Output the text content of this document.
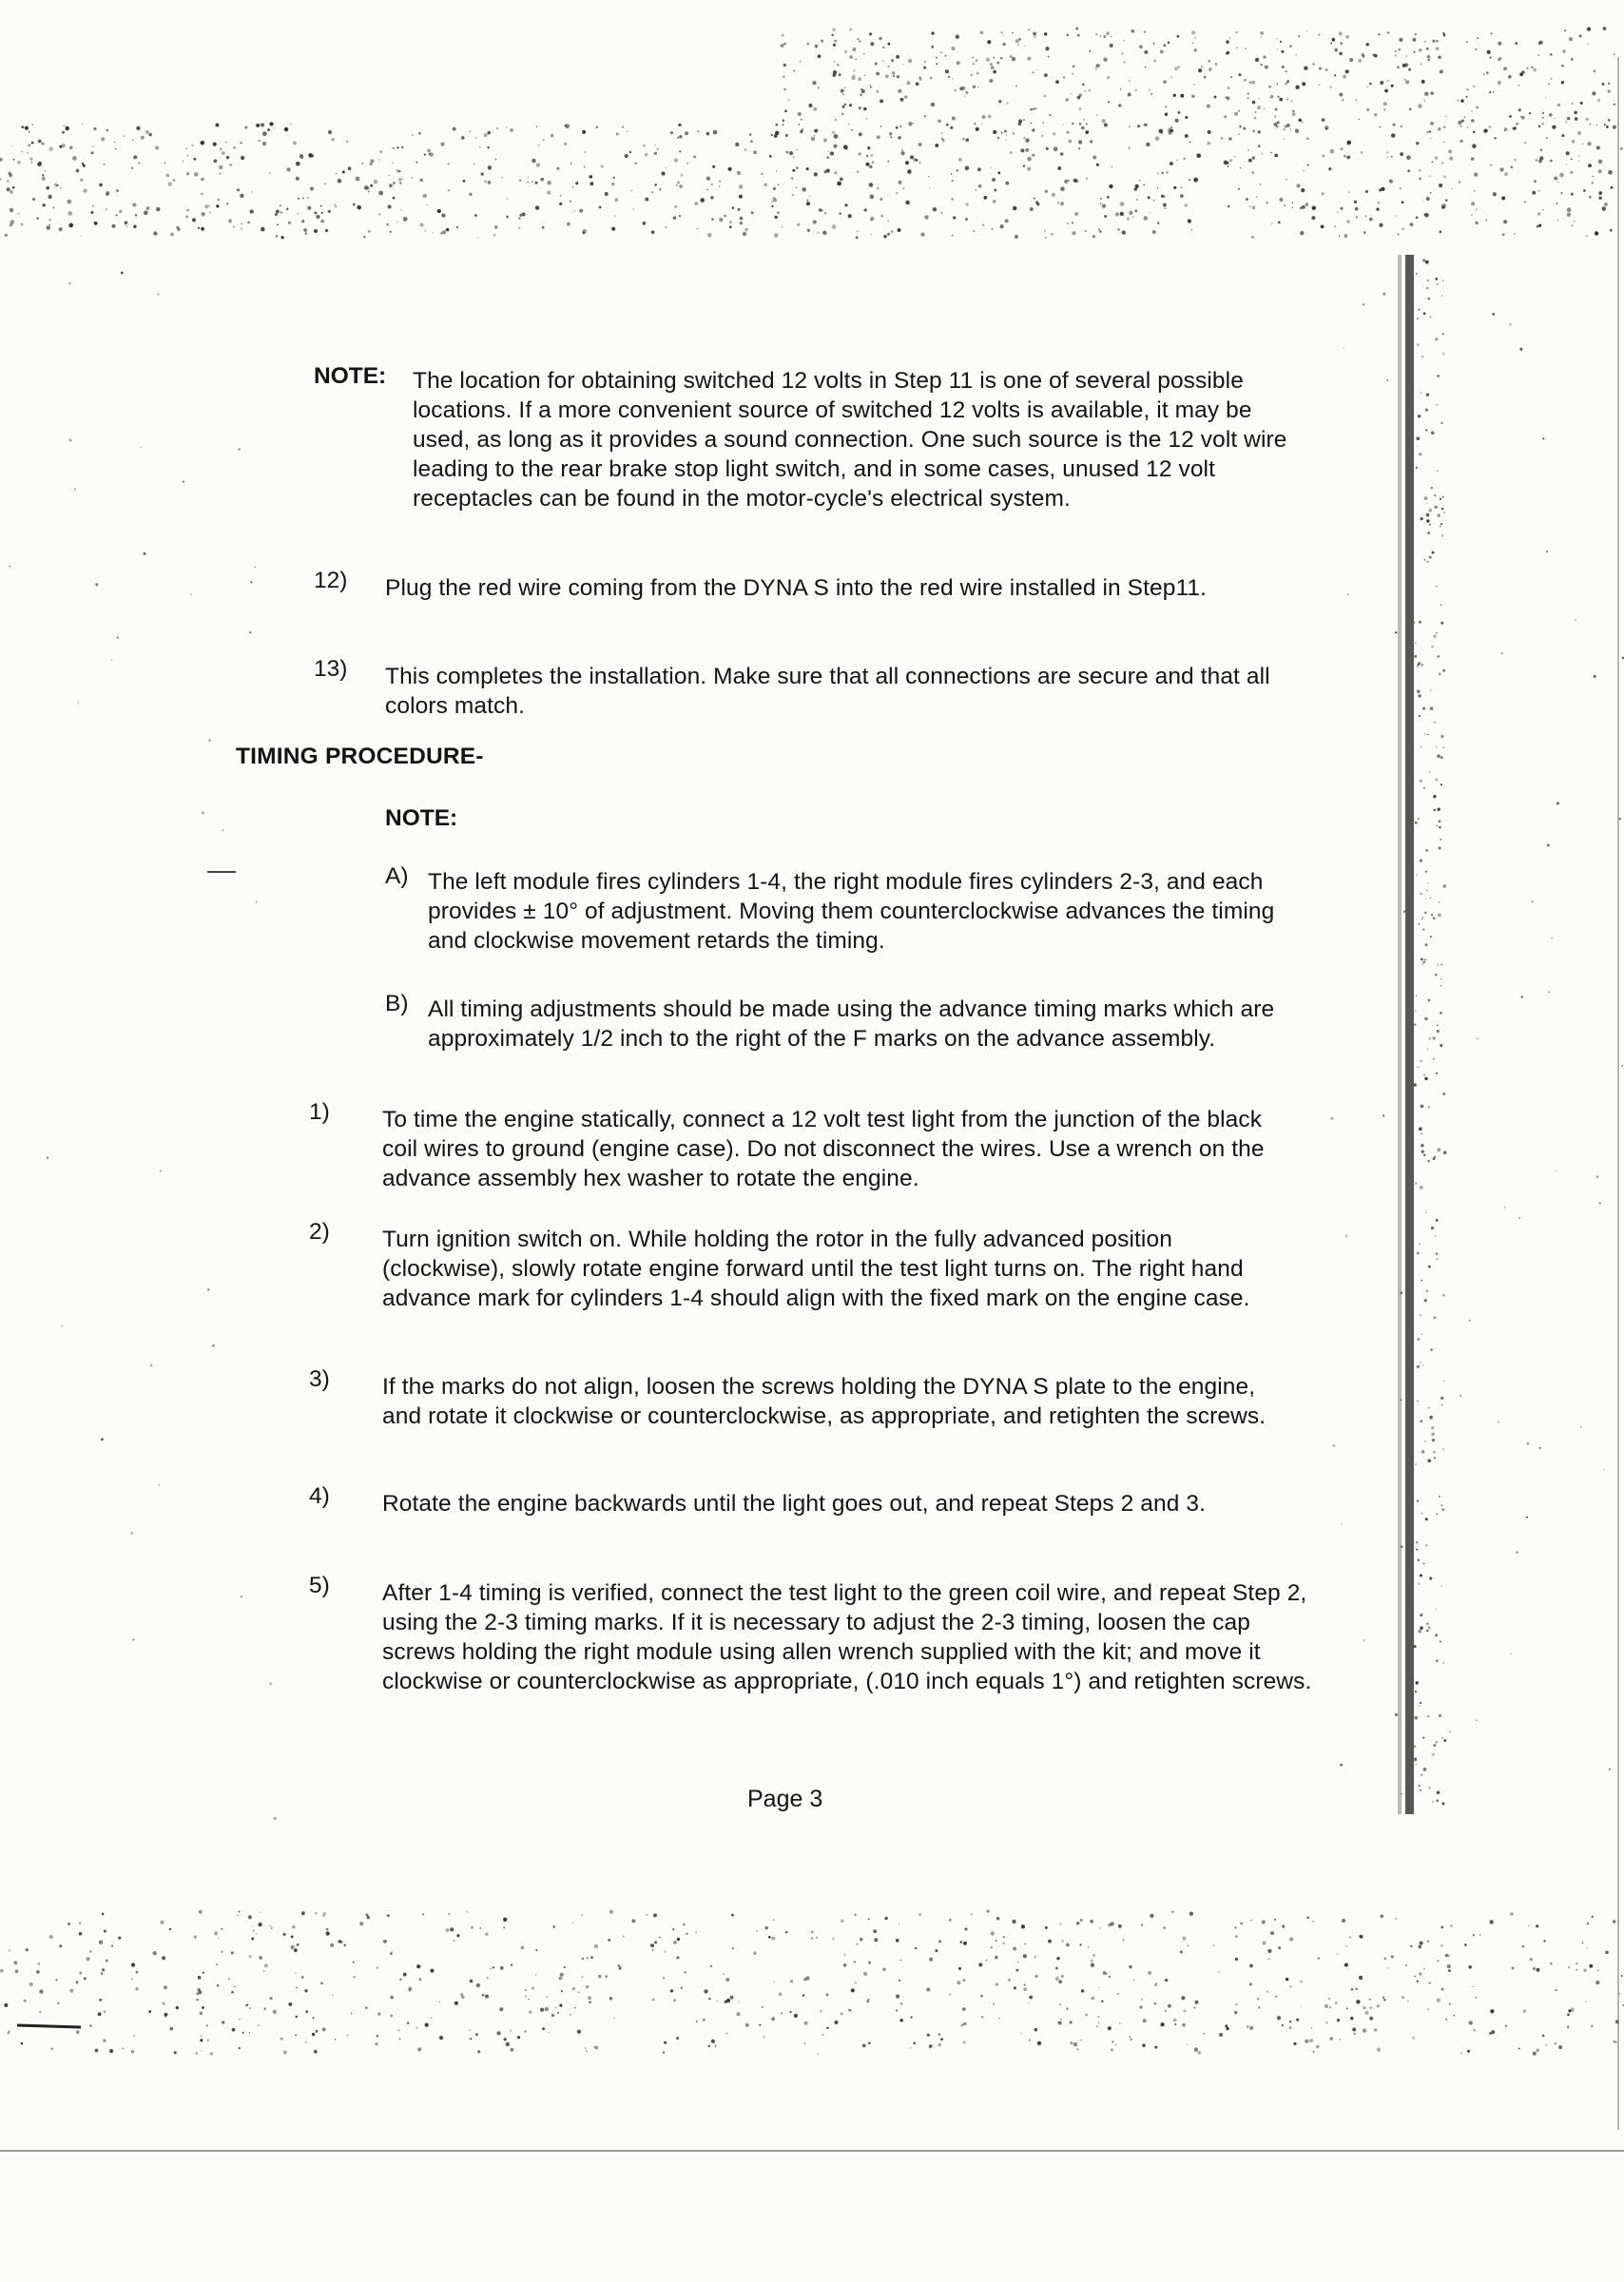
NOTE: The location for obtaining switched 12 volts in Step 11 is one of several possible locations. If a more convenient source of switched 12 volts is available, it may be used, as long as it provides a sound connection. One such source is the 12 volt wire leading to the rear brake stop light switch, and in some cases, unused 12 volt receptacles can be found in the motor-cycle's electrical system.

12) Plug the red wire coming from the DYNA S into the red wire installed in Step11.

13) This completes the installation. Make sure that all connections are secure and that all colors match.

TIMING PROCEDURE-
NOTE:
A) The left module fires cylinders 1-4, the right module fires cylinders 2-3, and each provides ± 10° of adjustment. Moving them counterclockwise advances the timing and clockwise movement retards the timing.

B) All timing adjustments should be made using the advance timing marks which are approximately 1/2 inch to the right of the F marks on the advance assembly.

1) To time the engine statically, connect a 12 volt test light from the junction of the black coil wires to ground (engine case). Do not disconnect the wires. Use a wrench on the advance assembly hex washer to rotate the engine.

2) Turn ignition switch on. While holding the rotor in the fully advanced position (clockwise), slowly rotate engine forward until the test light turns on. The right hand advance mark for cylinders 1-4 should align with the fixed mark on the engine case.

3) If the marks do not align, loosen the screws holding the DYNA S plate to the engine, and rotate it clockwise or counterclockwise, as appropriate, and retighten the screws.

4) Rotate the engine backwards until the light goes out, and repeat Steps 2 and 3.

5) After 1-4 timing is verified, connect the test light to the green coil wire, and repeat Step 2, using the 2-3 timing marks. If it is necessary to adjust the 2-3 timing, loosen the cap screws holding the right module using allen wrench supplied with the kit; and move it clockwise or counterclockwise as appropriate, (.010 inch equals 1°) and retighten screws.

Page 3
